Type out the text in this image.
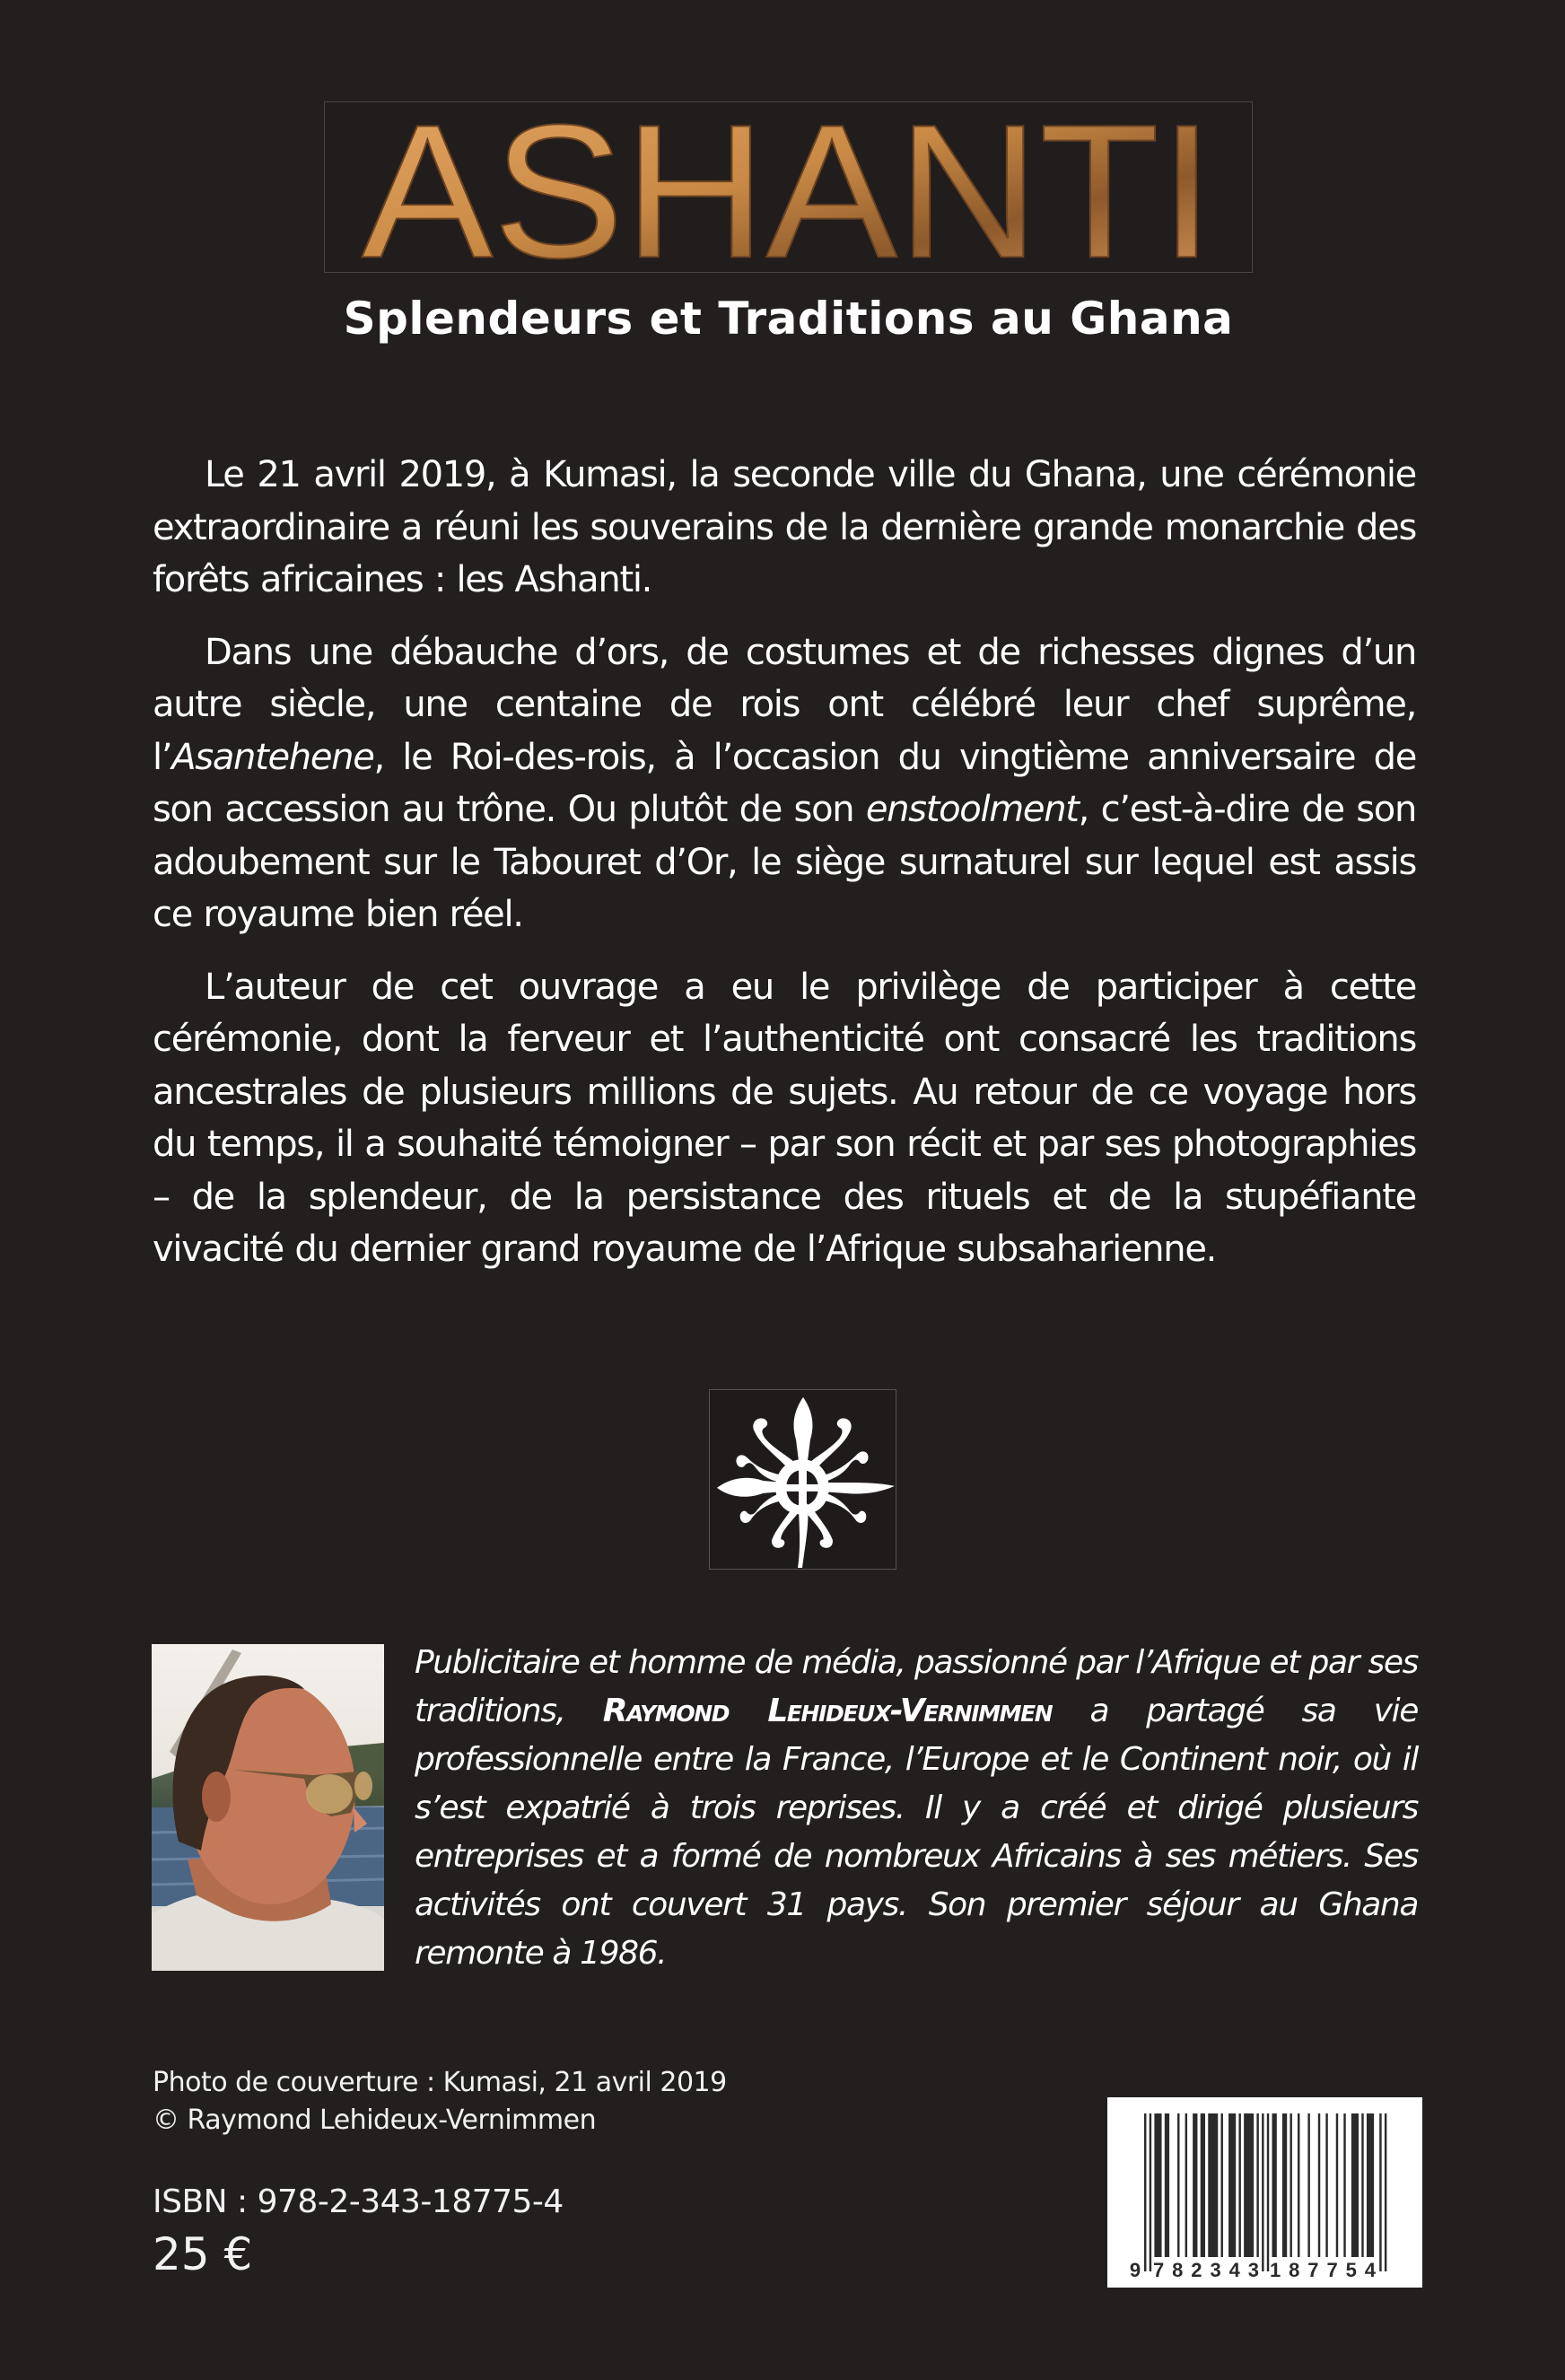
ASHANTI
Splendeurs et Traditions au Ghana

Le 21 avril 2019, à Kumasi, la seconde ville du Ghana, une cérémonie extraordinaire a réuni les souverains de la dernière grande monarchie des forêts africaines : les Ashanti.

Dans une débauche d’ors, de costumes et de richesses dignes d’un autre siècle, une centaine de rois ont célébré leur chef suprême, l’Asantehene, le Roi-des-rois, à l’occasion du vingtième anniversaire de son accession au trône. Ou plutôt de son enstoolment, c’est-à-dire de son adoubement sur le Tabouret d’Or, le siège surnaturel sur lequel est assis ce royaume bien réel.

L’auteur de cet ouvrage a eu le privilège de participer à cette cérémonie, dont la ferveur et l’authenticité ont consacré les traditions ancestrales de plusieurs millions de sujets. Au retour de ce voyage hors du temps, il a souhaité témoigner – par son récit et par ses photographies – de la splendeur, de la persistance des rituels et de la stupéfiante vivacité du dernier grand royaume de l’Afrique subsaharienne.

Publicitaire et homme de média, passionné par l’Afrique et par ses traditions, Raymond Lehideux-Vernimmen a partagé sa vie professionnelle entre la France, l’Europe et le Continent noir, où il s’est expatrié à trois reprises. Il y a créé et dirigé plusieurs entreprises et a formé de nombreux Africains à ses métiers. Ses activités ont couvert 31 pays. Son premier séjour au Ghana remonte à 1986.
Photo de couverture : Kumasi, 21 avril 2019
© Raymond Lehideux-Vernimmen
ISBN : 978-2-343-18775-4
25 €	9 782343 187754
